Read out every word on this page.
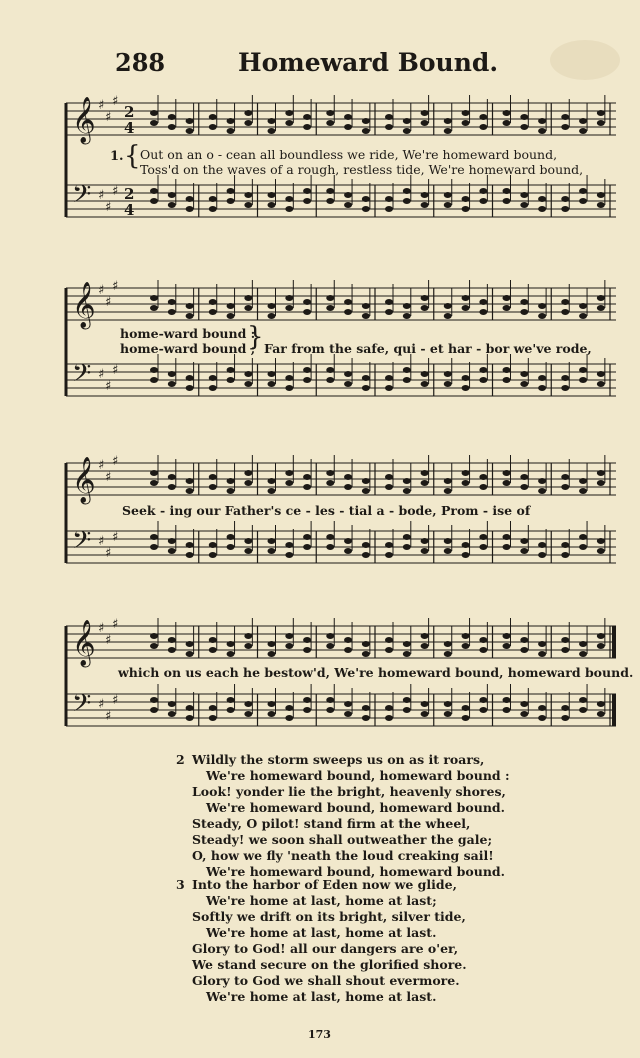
288	Homeward Bound.
𝄞 ♯
♯
♯
𝄢 ♯
♯
♯
2
4
2
4
1. { Out on an o - cean all boundless we ride, We're homeward bound,
Toss'd on the waves of a rough, restless tide, We're homeward bound,
𝄞 ♯
♯
♯
𝄢 ♯
♯
♯
home-ward bound :
home-ward bound ;
} Far from the safe, qui - et har - bor we've rode,
𝄞 ♯
♯
♯
𝄢 ♯
♯
♯
Seek - ing our Father's ce - les - tial a - bode, Prom - ise of
𝄞 ♯
♯
♯
𝄢 ♯
♯
♯
which on us each he bestow'd, We're homeward bound, homeward bound.
2 Wildly the storm sweeps us on as it roars,
We're homeward bound, homeward bound :
Look! yonder lie the bright, heavenly shores,
We're homeward bound, homeward bound.
Steady, O pilot! stand firm at the wheel,
Steady! we soon shall outweather the gale;
O, how we fly 'neath the loud creaking sail!
We're homeward bound, homeward bound.
3 Into the harbor of Eden now we glide,
We're home at last, home at last;
Softly we drift on its bright, silver tide,
We're home at last, home at last.
Glory to God! all our dangers are o'er,
We stand secure on the glorified shore.
Glory to God we shall shout evermore.
We're home at last, home at last.
173
